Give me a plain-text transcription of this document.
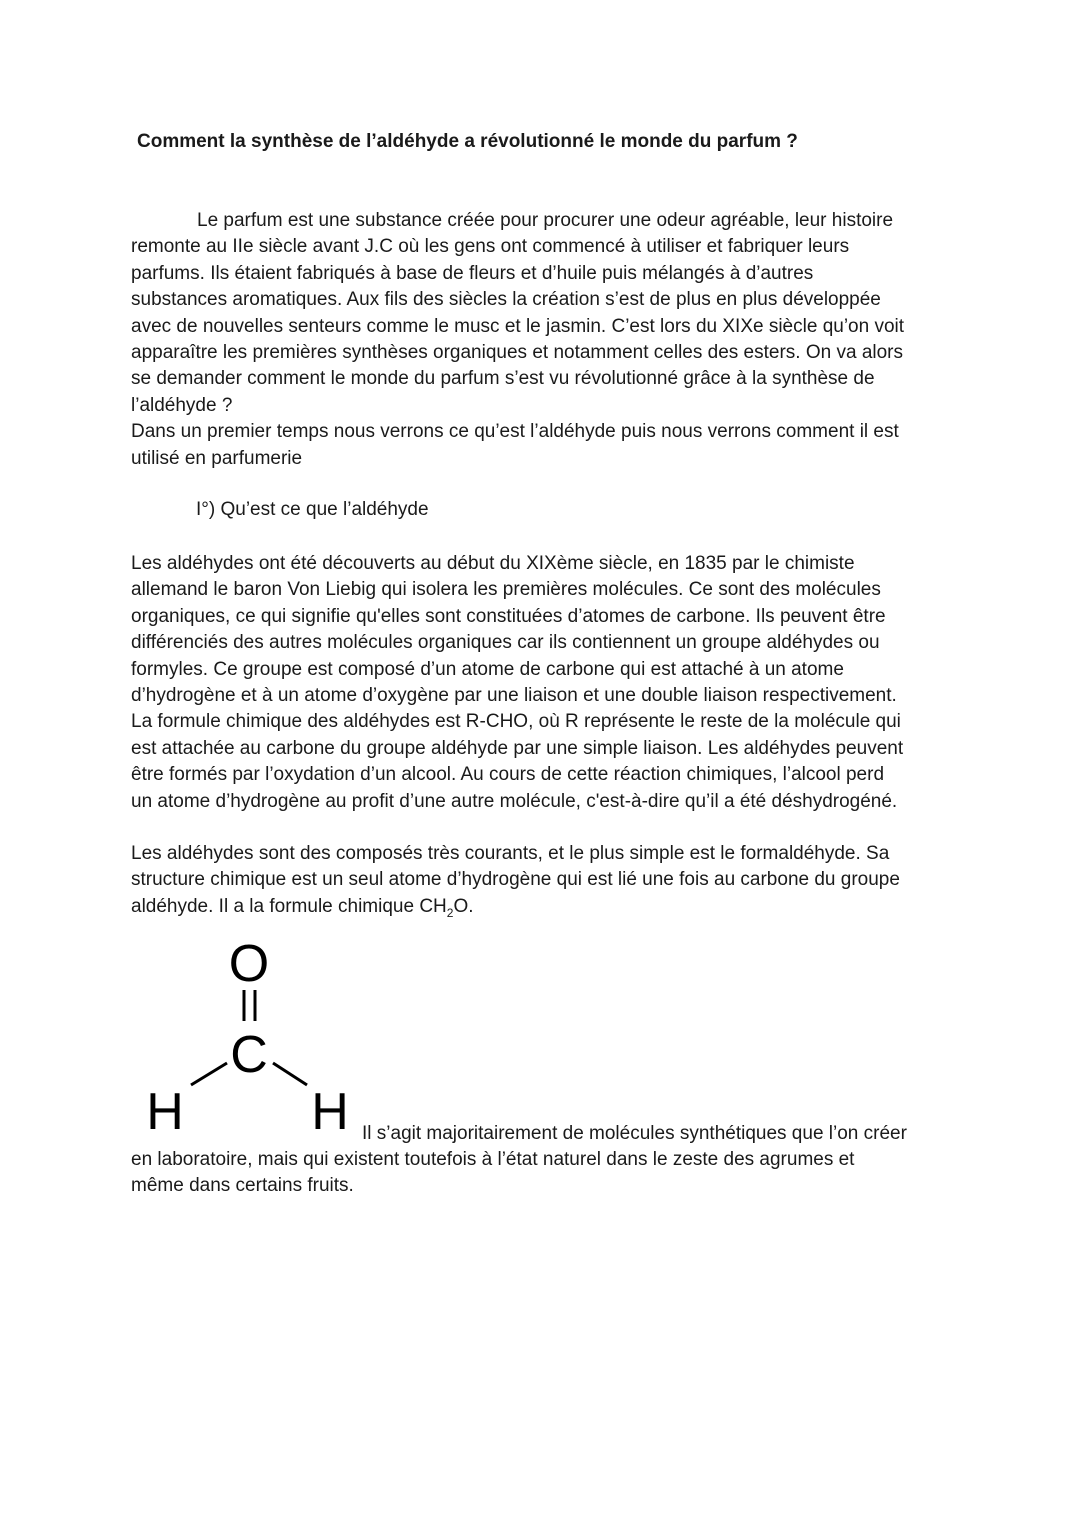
Comment la synthèse de l’aldéhyde a révolutionné le monde du parfum ?

Le parfum est une substance créée pour procurer une odeur agréable, leur histoire
remonte au IIe siècle avant J.C où les gens ont commencé à utiliser et fabriquer leurs
parfums. Ils étaient fabriqués à base de fleurs et d’huile puis mélangés à d’autres
substances aromatiques. Aux fils des siècles la création s’est de plus en plus développée
avec de nouvelles senteurs comme le musc et le jasmin. C’est lors du XIXe siècle qu’on voit
apparaître les premières synthèses organiques et notamment celles des esters. On va alors
se demander comment le monde du parfum s’est vu révolutionné grâce à la synthèse de
l’aldéhyde ?
Dans un premier temps nous verrons ce qu’est l’aldéhyde puis nous verrons comment il est
utilisé en parfumerie

I°) Qu’est ce que l’aldéhyde

Les aldéhydes ont été découverts au début du XIXème siècle, en 1835 par le chimiste
allemand le baron Von Liebig qui isolera les premières molécules. Ce sont des molécules
organiques, ce qui signifie qu'elles sont constituées d’atomes de carbone. Ils peuvent être
différenciés des autres molécules organiques car ils contiennent un groupe aldéhydes ou
formyles. Ce groupe est composé d’un atome de carbone qui est attaché à un atome
d’hydrogène et à un atome d’oxygène par une liaison et une double liaison respectivement.
La formule chimique des aldéhydes est R-CHO, où R représente le reste de la molécule qui
est attachée au carbone du groupe aldéhyde par une simple liaison. Les aldéhydes peuvent
être formés par l’oxydation d’un alcool. Au cours de cette réaction chimiques, l’alcool perd
un atome d’hydrogène au profit d’une autre molécule, c'est-à-dire qu’il a été déshydrogéné.

Les aldéhydes sont des composés très courants, et le plus simple est le formaldéhyde. Sa
structure chimique est un seul atome d’hydrogène qui est lié une fois au carbone du groupe
aldéhyde. Il a la formule chimique $CH_2O$.

O
C
H H Il s’agit majoritairement de molécules synthétiques que l’on créer

en laboratoire, mais qui existent toutefois à l’état naturel dans le zeste des agrumes et
même dans certains fruits.
